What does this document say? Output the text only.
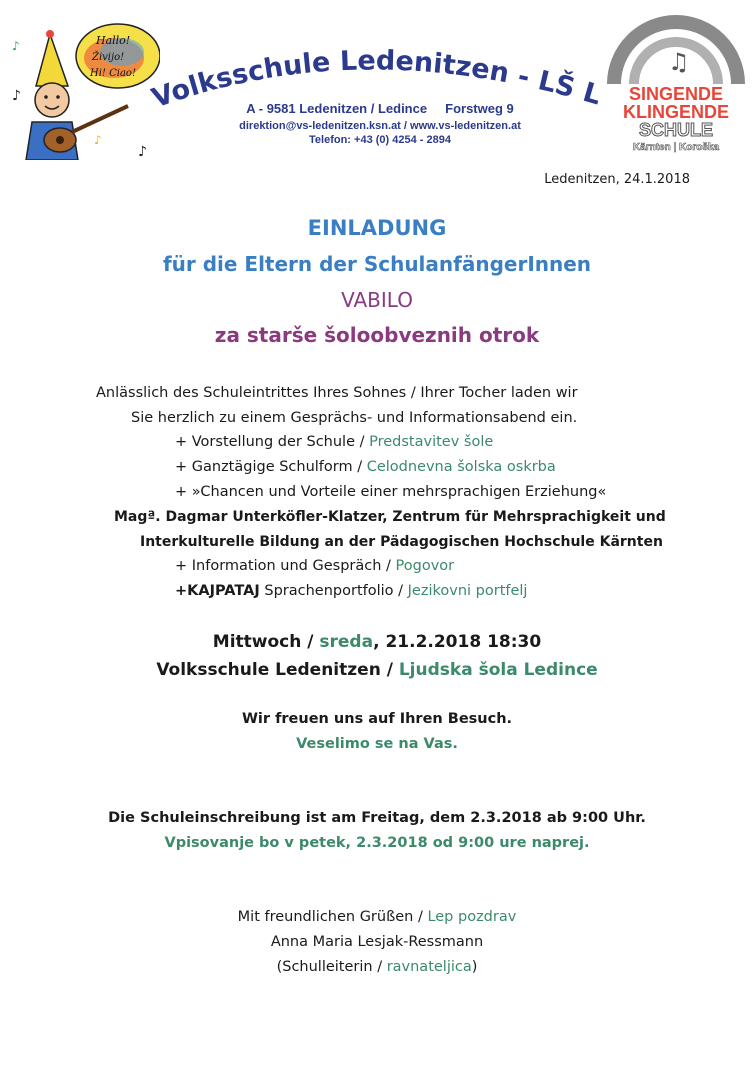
Hallo!
Živijo!
Hi! Ciao!
♪
♪
♪
♪
Volksschule Ledenitzen - LŠ L
A - 9581 Ledenitzen / Ledince     Forstweg 9
direktion@vs-ledenitzen.ksn.at / www.vs-ledenitzen.at
Telefon: +43 (0) 4254 - 2894
♫
SINGENDE
KLINGENDE
SCHULE
Kärnten | Koroška
Ledenitzen, 24.1.2018
EINLADUNG
für die Eltern der SchulanfängerInnen
VABILO
za starše šoloobveznih otrok
Anlässlich des Schuleintrittes Ihres Sohnes / Ihrer Tocher laden wir
Sie herzlich zu einem Gesprächs- und Informationsabend ein.
+ Vorstellung der Schule / Predstavitev šole
+ Ganztägige Schulform / Celodnevna šolska oskrba
+ »Chancen und Vorteile einer mehrsprachigen Erziehung«
Magª. Dagmar Unterköfler-Klatzer, Zentrum für Mehrsprachigkeit und
Interkulturelle Bildung an der Pädagogischen Hochschule Kärnten
+ Information und Gespräch / Pogovor
+KAJPATAJ Sprachenportfolio / Jezikovni portfelj
Mittwoch / sreda, 21.2.2018 18:30
Volksschule Ledenitzen / Ljudska šola Ledince
Wir freuen uns auf Ihren Besuch.
Veselimo se na Vas.
Die Schuleinschreibung ist am Freitag, dem 2.3.2018 ab 9:00 Uhr.
Vpisovanje bo v petek, 2.3.2018 od 9:00 ure naprej.
Mit freundlichen Grüßen / Lep pozdrav
Anna Maria Lesjak-Ressmann
(Schulleiterin / ravnateljica)
